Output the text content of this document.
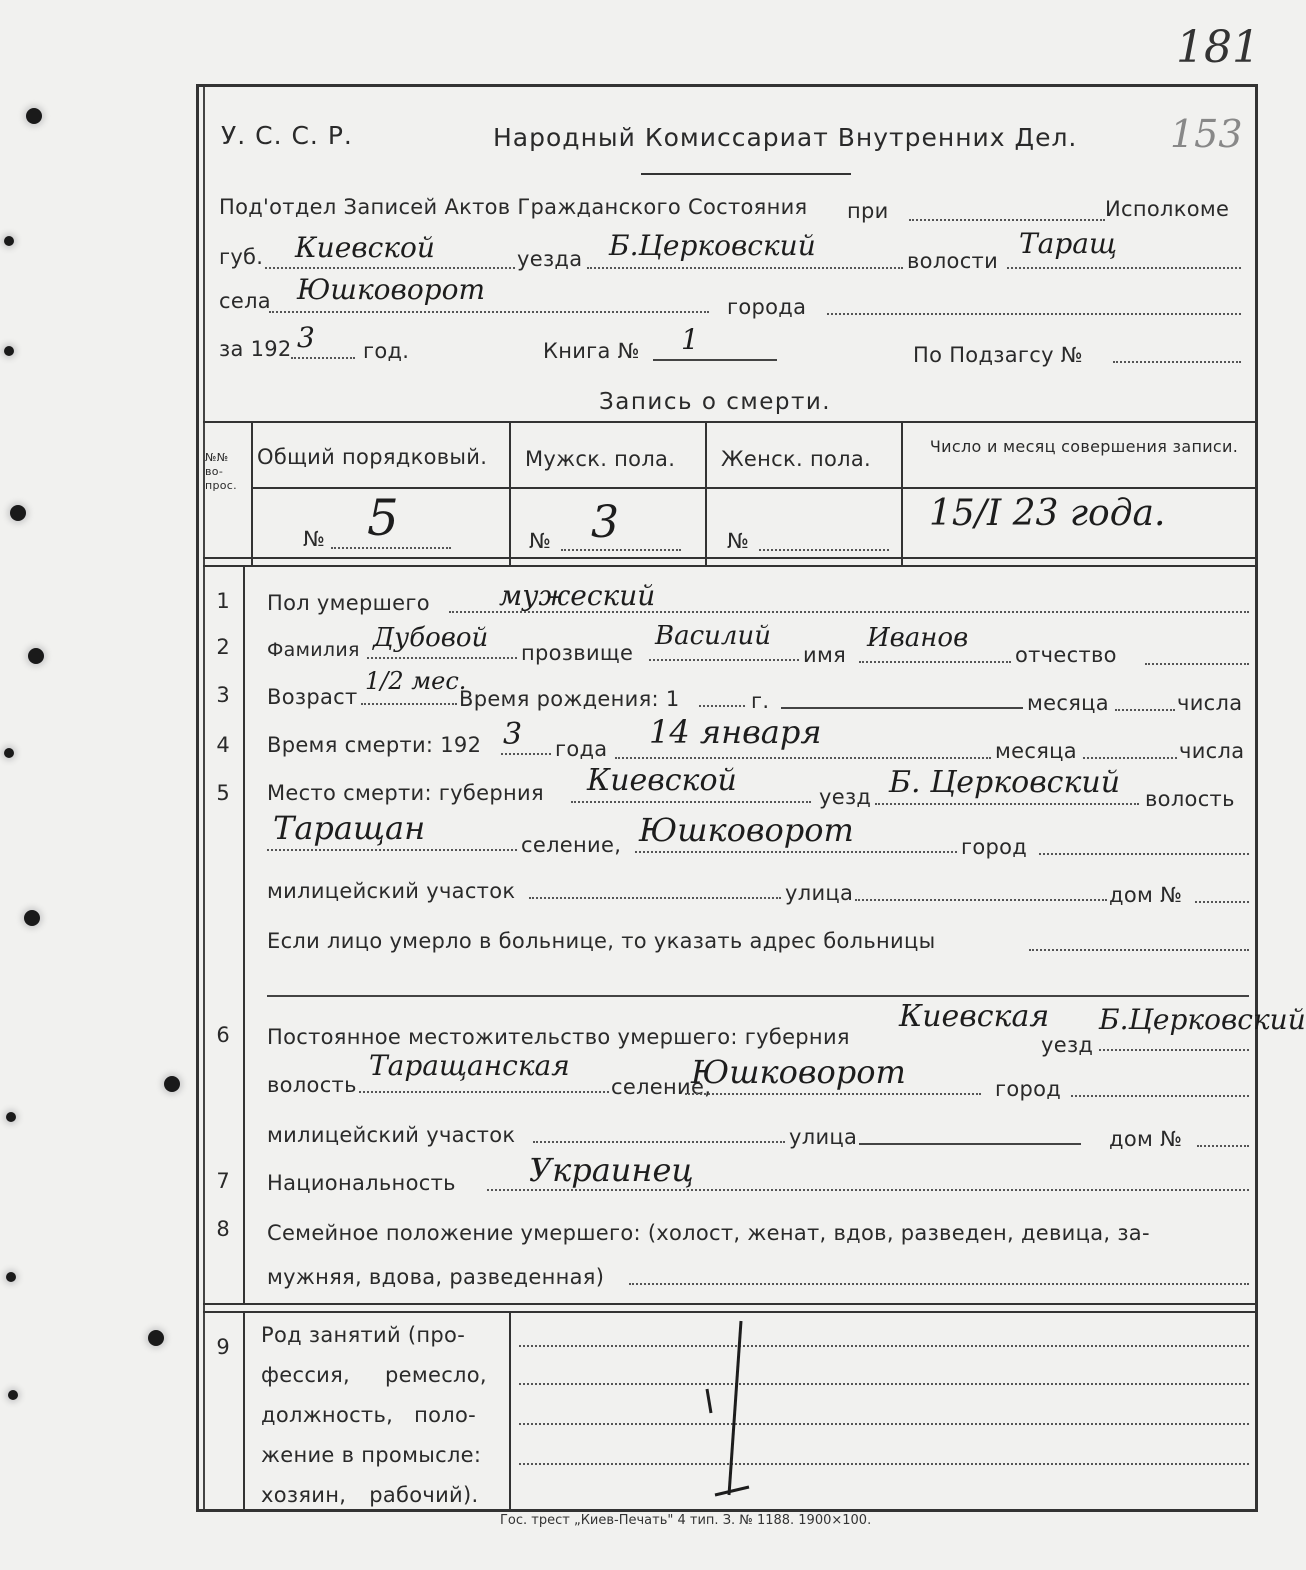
181
153
У. С. С. Р.	Народный Комиссариат Внутренних Дел.
Под'отдел Записей Актов Гражданского Состояния при	Исполкоме
губ. Киевской	уезда Б.Церковский	волости
Таращ
села Юшковорот
города
за 192 3 год.	Книга № 1	По Подзагсу №
Запись о смерти.
№№ во-прос.
Общий порядковый. Мужск. пола. Женск. пола.
Число и месяц совершения записи.
№ 5	№ 3	№
15/I 23 года.
1 Пол умершего мужеский
2 Фамилия Дубовой прозвище
Василий
имя
Иванов
отчество
3 Возраст
1/2 мес.
Время рождения: 1	г.	месяца	числа
4 Время смерти: 192 3 года 14 января	месяца	числа
5 Место смерти: губерния Киевской	уезд Б. Церковский волость
Таращан	селение, Юшковорот	город
милицейский участок	улица	дом №
Если лицо умерло в больнице, то указать адрес больницы
6 Постоянное местожительство умершего: губерния
Киевская
уезд
Б.Церковский
волость
Таращанская
селение,
Юшковорот	город
милицейский участок	улица	дом №
7 Национальность Украинец
8 Семейное положение умершего: (холост, женат, вдов, разведен, девица, за-
мужняя, вдова, разведенная)
9 Род занятий (про-
фессия, ремесло,
должность, поло-
жение в промысле:
хозяин, рабочий).
Гос. трест „Киев-Печать" 4 тип. З. № 1188. 1900×100.
